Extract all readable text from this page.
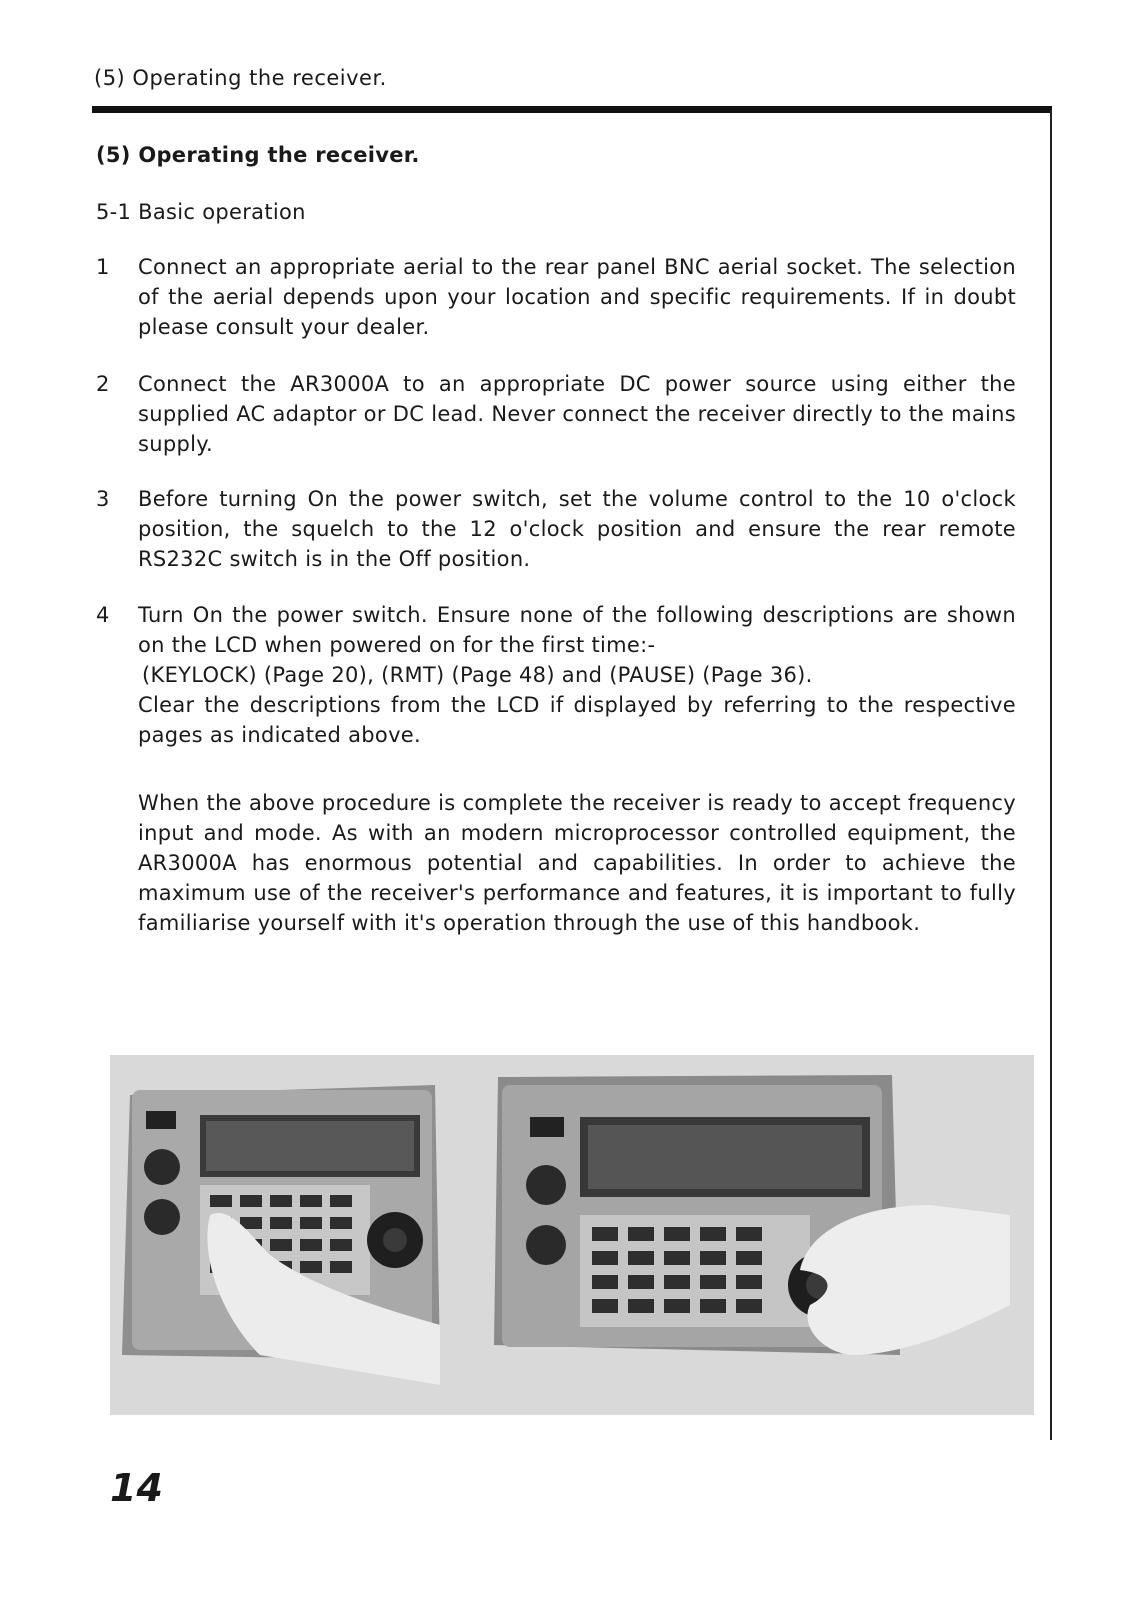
(5) Operating the receiver.
(5) Operating the receiver.
5-1 Basic operation
1	Connect an appropriate aerial to the rear panel BNC aerial socket. The selection of the aerial depends upon your location and specific requirements. If in doubt please consult your dealer.
2	Connect the AR3000A to an appropriate DC power source using either the supplied AC adaptor or DC lead. Never connect the receiver directly to the mains supply.
3	Before turning On the power switch, set the volume control to the 10 o'clock position, the squelch to the 12 o'clock position and ensure the rear remote RS232C switch is in the Off position.
4	Turn On the power switch. Ensure none of the following descriptions are shown on the LCD when powered on for the first time:-
(KEYLOCK) (Page 20), (RMT) (Page 48) and (PAUSE) (Page 36).
Clear the descriptions from the LCD if displayed by referring to the respective pages as indicated above.
When the above procedure is complete the receiver is ready to accept frequency input and mode. As with an modern microprocessor controlled equipment, the AR3000A has enormous potential and capabilities. In order to achieve the maximum use of the receiver's performance and features, it is important to fully familiarise yourself with it's operation through the use of this handbook.
14
